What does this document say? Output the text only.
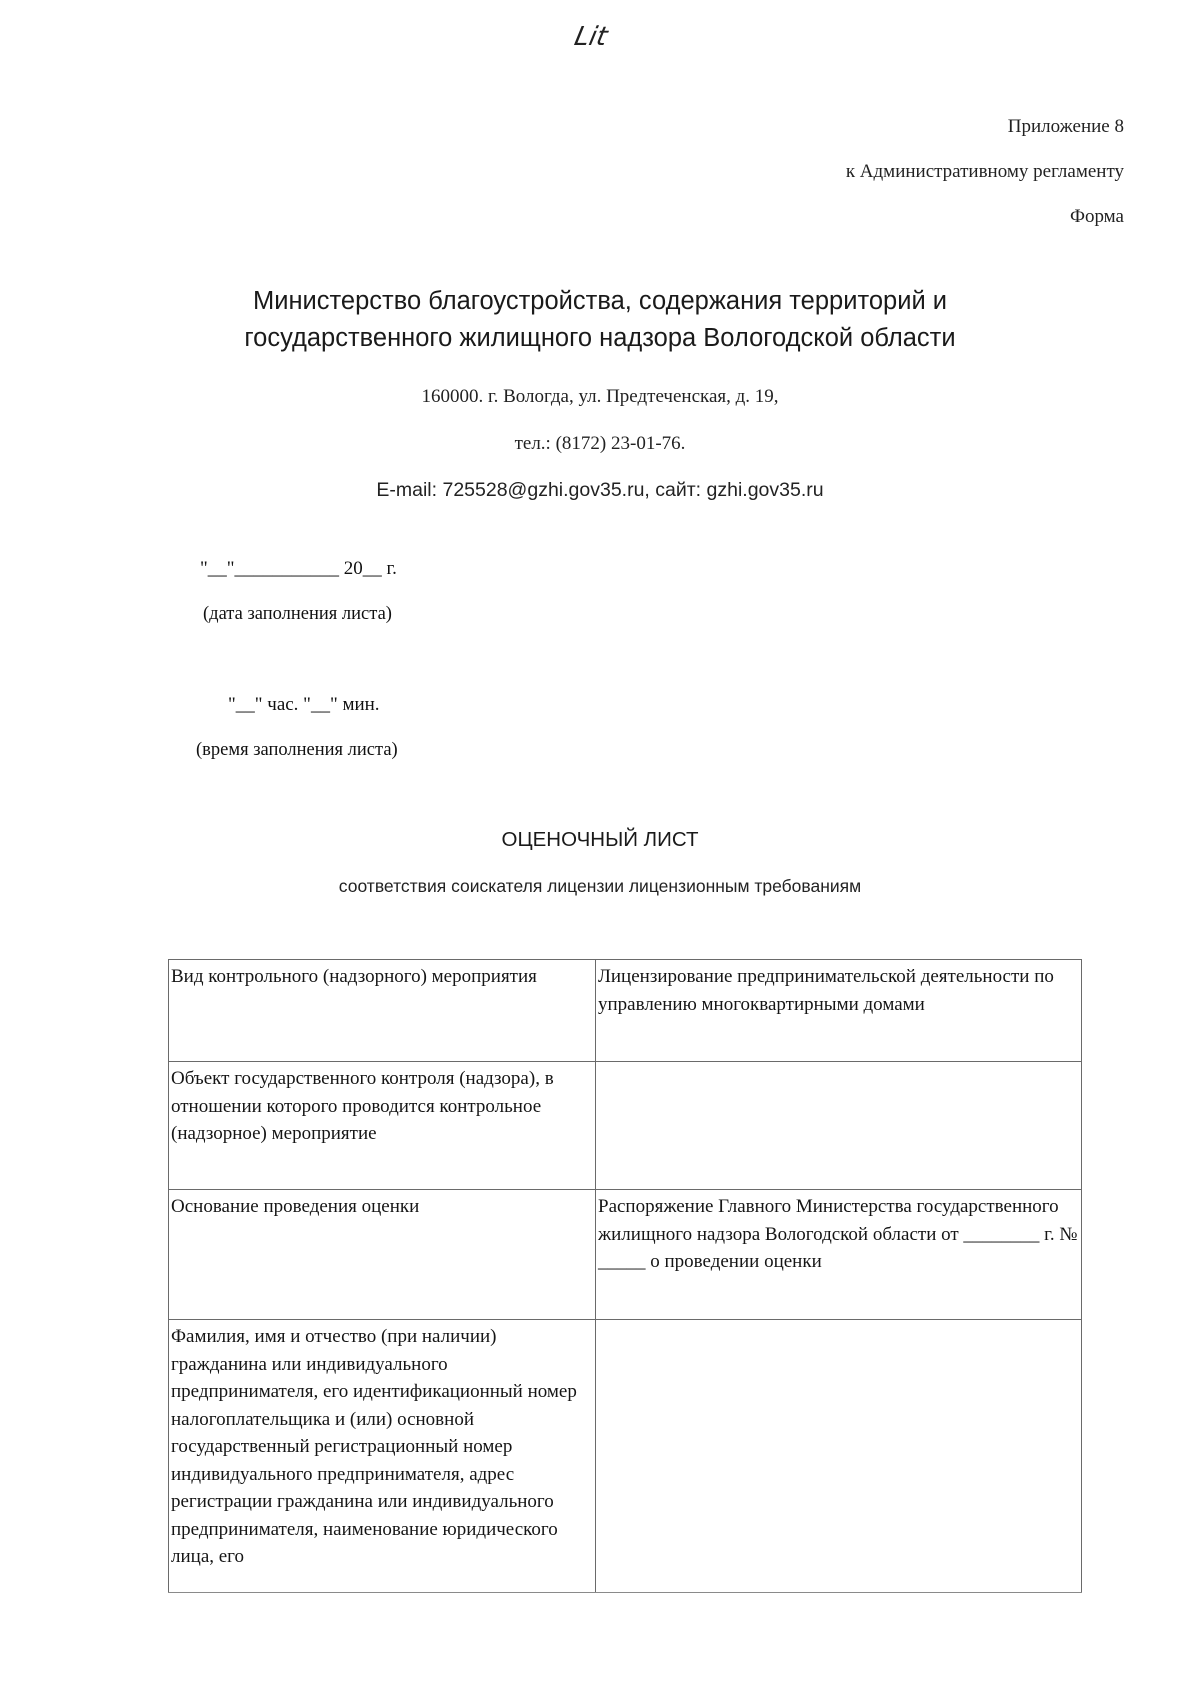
Lit
Приложение 8
к Административному регламенту
Форма
Министерство благоустройства, содержания территорий и
государственного жилищного надзора Вологодской области
160000. г. Вологда, ул. Предтеченская, д. 19,
тел.: (8172) 23-01-76.
E-mail: 725528@gzhi.gov35.ru, сайт: gzhi.gov35.ru
"__"___________ 20__ г.
(дата заполнения листа)
"__" час. "__" мин.
(время заполнения листа)
ОЦЕНОЧНЫЙ ЛИСТ
соответствия соискателя лицензии лицензионным требованиям
Вид контрольного (надзорного) мероприятия	Лицензирование предпринимательской деятельности по управлению многоквартирными домами
Объект государственного контроля (надзора), в отношении которого проводится контрольное (надзорное) мероприятие	
Основание проведения оценки	Распоряжение Главного Министерства государственного жилищного надзора Вологодской области от ________ г. № _____ о проведении оценки
Фамилия, имя и отчество (при наличии) гражданина или индивидуального предпринимателя, его идентификационный номер налогоплательщика и (или) основной государственный регистрационный номер индивидуального предпринимателя, адрес регистрации гражданина или индивидуального предпринимателя, наименование юридического лица, его	
